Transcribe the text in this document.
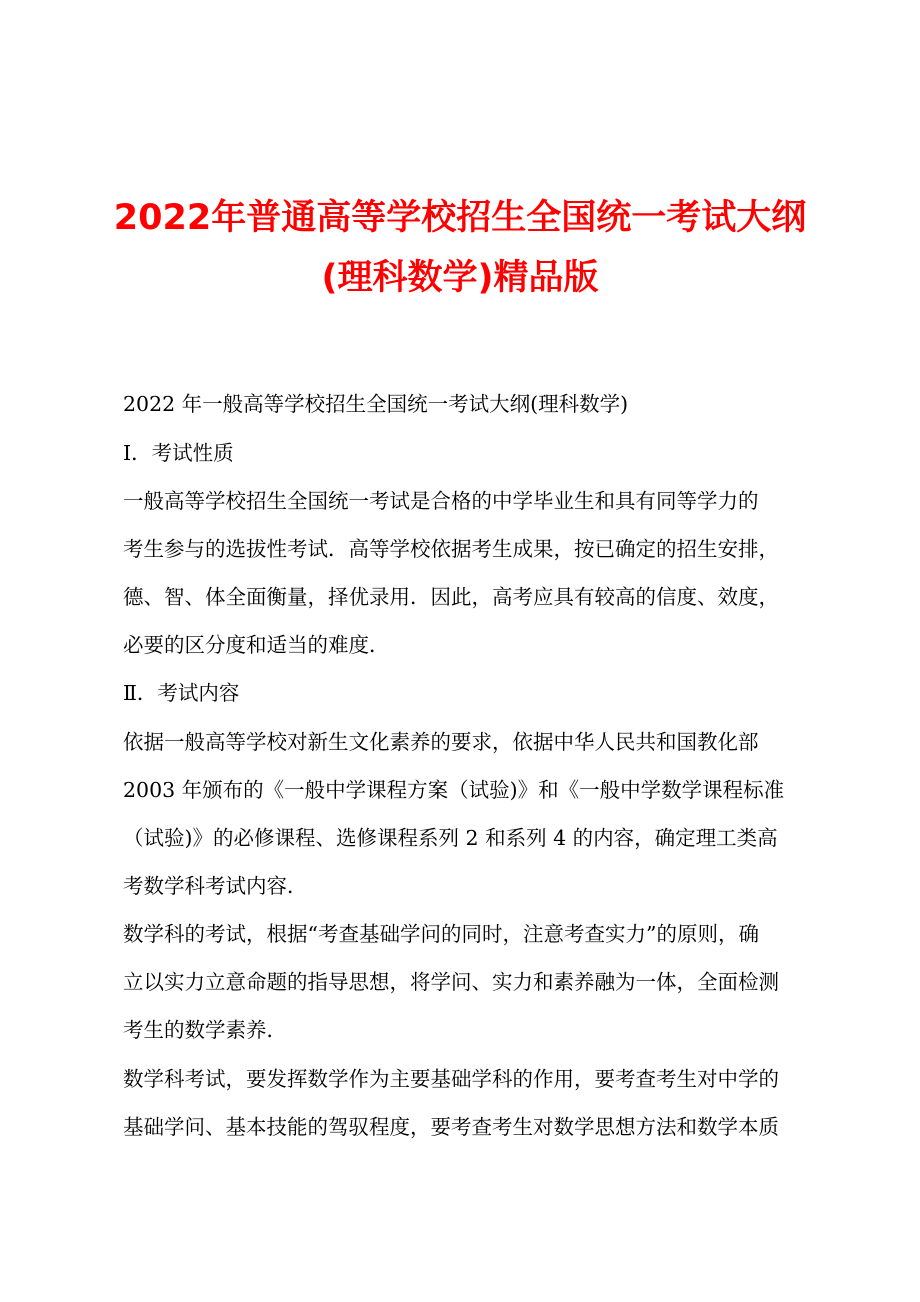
2022年普通高等学校招生全国统一考试大纲
(理科数学)精品版
2022 年一般高等学校招生全国统一考试大纲(理科数学)
Ⅰ．考试性质
一般高等学校招生全国统一考试是合格的中学毕业生和具有同等学力的
考生参与的选拔性考试．高等学校依据考生成果，按已确定的招生安排，
德、智、体全面衡量，择优录用．因此，高考应具有较高的信度、效度，
必要的区分度和适当的难度．
Ⅱ．考试内容
依据一般高等学校对新生文化素养的要求，依据中华人民共和国教化部
2003 年颁布的《一般中学课程方案（试验)》和《一般中学数学课程标准
（试验)》的必修课程、选修课程系列 2 和系列 4 的内容，确定理工类高
考数学科考试内容．
数学科的考试，根据“考查基础学问的同时，注意考查实力”的原则，确
立以实力立意命题的指导思想，将学问、实力和素养融为一体，全面检测
考生的数学素养．
数学科考试，要发挥数学作为主要基础学科的作用，要考查考生对中学的
基础学问、基本技能的驾驭程度，要考查考生对数学思想方法和数学本质
